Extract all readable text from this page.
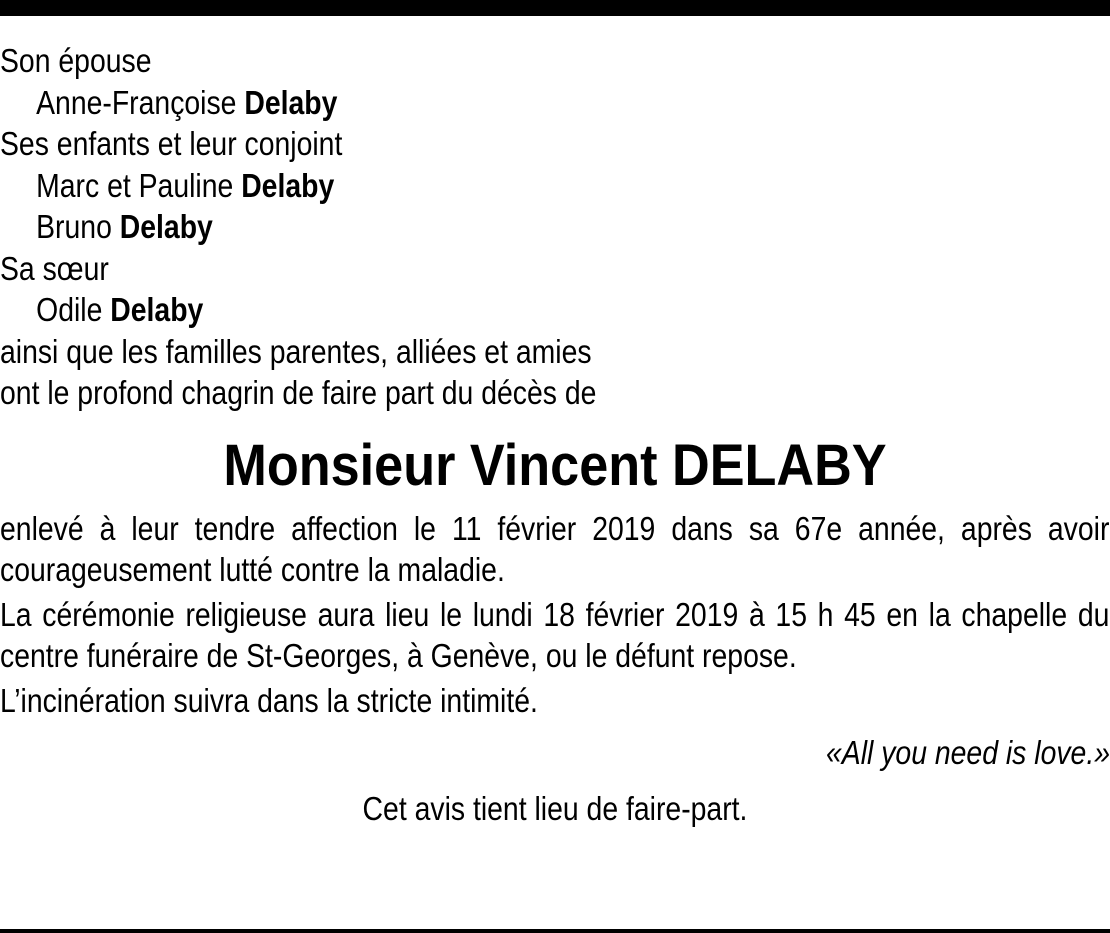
Son épouse
Anne-Françoise Delaby
Ses enfants et leur conjoint
Marc et Pauline Delaby
Bruno Delaby
Sa sœur
Odile Delaby
ainsi que les familles parentes, alliées et amies
ont le profond chagrin de faire part du décès de
Monsieur Vincent DELABY
enlevé à leur tendre affection le 11 février 2019 dans sa 67e année, après avoir courageusement lutté contre la maladie.
La cérémonie religieuse aura lieu le lundi 18 février 2019 à 15 h 45 en la chapelle du centre funéraire de St-Georges, à Genève, ou le défunt repose.
L’incinération suivra dans la stricte intimité.
«All you need is love.»
Cet avis tient lieu de faire-part.
